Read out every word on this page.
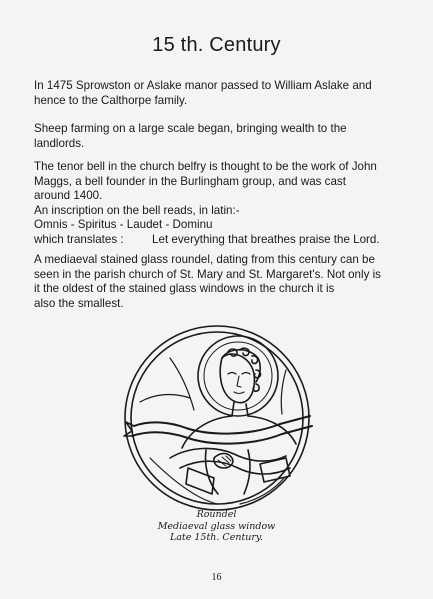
15 th. Century
In 1475 Sprowston or Aslake manor passed to William Aslake and
hence to the Calthorpe family.
Sheep farming on a large scale began, bringing wealth to the
landlords.
The tenor bell in the church belfry is thought to be the work of John
Maggs, a bell founder in the Burlingham group, and was cast
around 1400.
An inscription on the bell reads, in latin:-
Omnis - Spiritus - Laudet - Dominu
which translates : Let everything that breathes praise the Lord.
A mediaeval stained glass roundel, dating from this century can be
seen in the parish church of St. Mary and St. Margaret's. Not only is
it the oldest of the stained glass windows in the church it is
also the smallest.
Roundel
Mediaeval glass window
Late 15th. Century.
16
